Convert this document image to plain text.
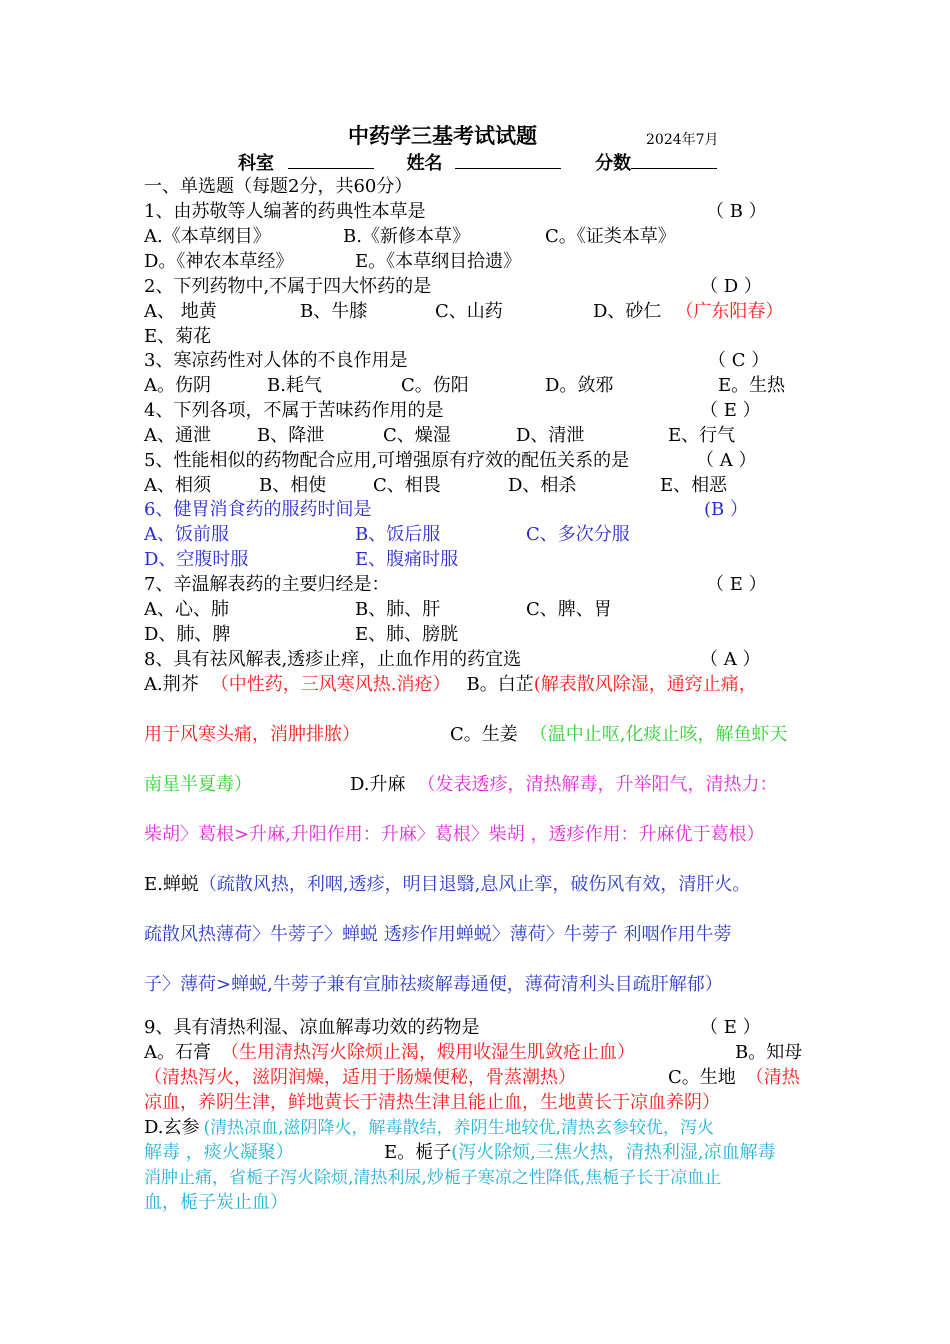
中药学三基考试试题	2024年7月
科室	姓名	分数
一、单选题（每题2分，共60分）
1、由苏敬等人编著的药典性本草是	（ B ）
A.《本草纲目》	B.《新修本草》	C。《证类本草》
D。《神农本草经》	E。《本草纲目拾遗》
2、下列药物中,不属于四大怀药的是	（ D ）
A、 地黄	B、牛膝	C、山药	D、砂仁 （广东阳春）
E、菊花
3、寒凉药性对人体的不良作用是	（ C ）
A。伤阴	B.耗气	C。伤阳	D。敛邪	E。生热
4、下列各项，不属于苦味药作用的是	（ E ）
A、通泄	B、降泄	C、燥湿	D、清泄	E、行气
5、性能相似的药物配合应用,可增强原有疗效的配伍关系的是	（ A ）
A、相须	B、相使	C、相畏	D、相杀	E、相恶
6、健胃消食药的服药时间是	(B ）
A、饭前服	B、饭后服	C、多次分服
D、空腹时服	E、腹痛时服
7、辛温解表药的主要归经是：	（ E ）
A、心、肺	B、肺、肝	C、脾、胃
D、肺、脾	E、肺、膀胱
8、具有祛风解表,透疹止痒，止血作用的药宜选	（ A ）
A.荆芥 （中性药，三风寒风热.消疮） B。白芷(解表散风除湿，通窍止痛，
用于风寒头痛，消肿排脓）	C。生姜 （温中止呕,化痰止咳，解鱼虾天
南星半夏毒）	D.升麻 （发表透疹，清热解毒，升举阳气，清热力：
柴胡〉葛根>升麻,升阳作用：升麻〉葛根〉柴胡 ，透疹作用：升麻优于葛根）
E.蝉蜕（疏散风热，利咽,透疹，明目退翳,息风止挛，破伤风有效，清肝火。
疏散风热薄荷〉牛蒡子〉蝉蜕 透疹作用蝉蜕〉薄荷〉牛蒡子 利咽作用牛蒡
子〉薄荷>蝉蜕,牛蒡子兼有宣肺祛痰解毒通便，薄荷清利头目疏肝解郁）
9、具有清热利湿、凉血解毒功效的药物是	（ E ）
A。石膏 （生用清热泻火除烦止渴，煅用收湿生肌敛疮止血）	B。知母
（清热泻火，滋阴润燥，适用于肠燥便秘，骨蒸潮热）	C。生地 （清热
凉血，养阴生津，鲜地黄长于清热生津且能止血，生地黄长于凉血养阴）
D.玄参 (清热凉血,滋阴降火，解毒散结，养阴生地较优,清热玄参较优，泻火
解毒 ，痰火凝聚）	E。栀子(泻火除烦,三焦火热，清热利湿,凉血解毒
消肿止痛，省栀子泻火除烦,清热利尿,炒栀子寒凉之性降低,焦栀子长于凉血止
血，栀子炭止血）
